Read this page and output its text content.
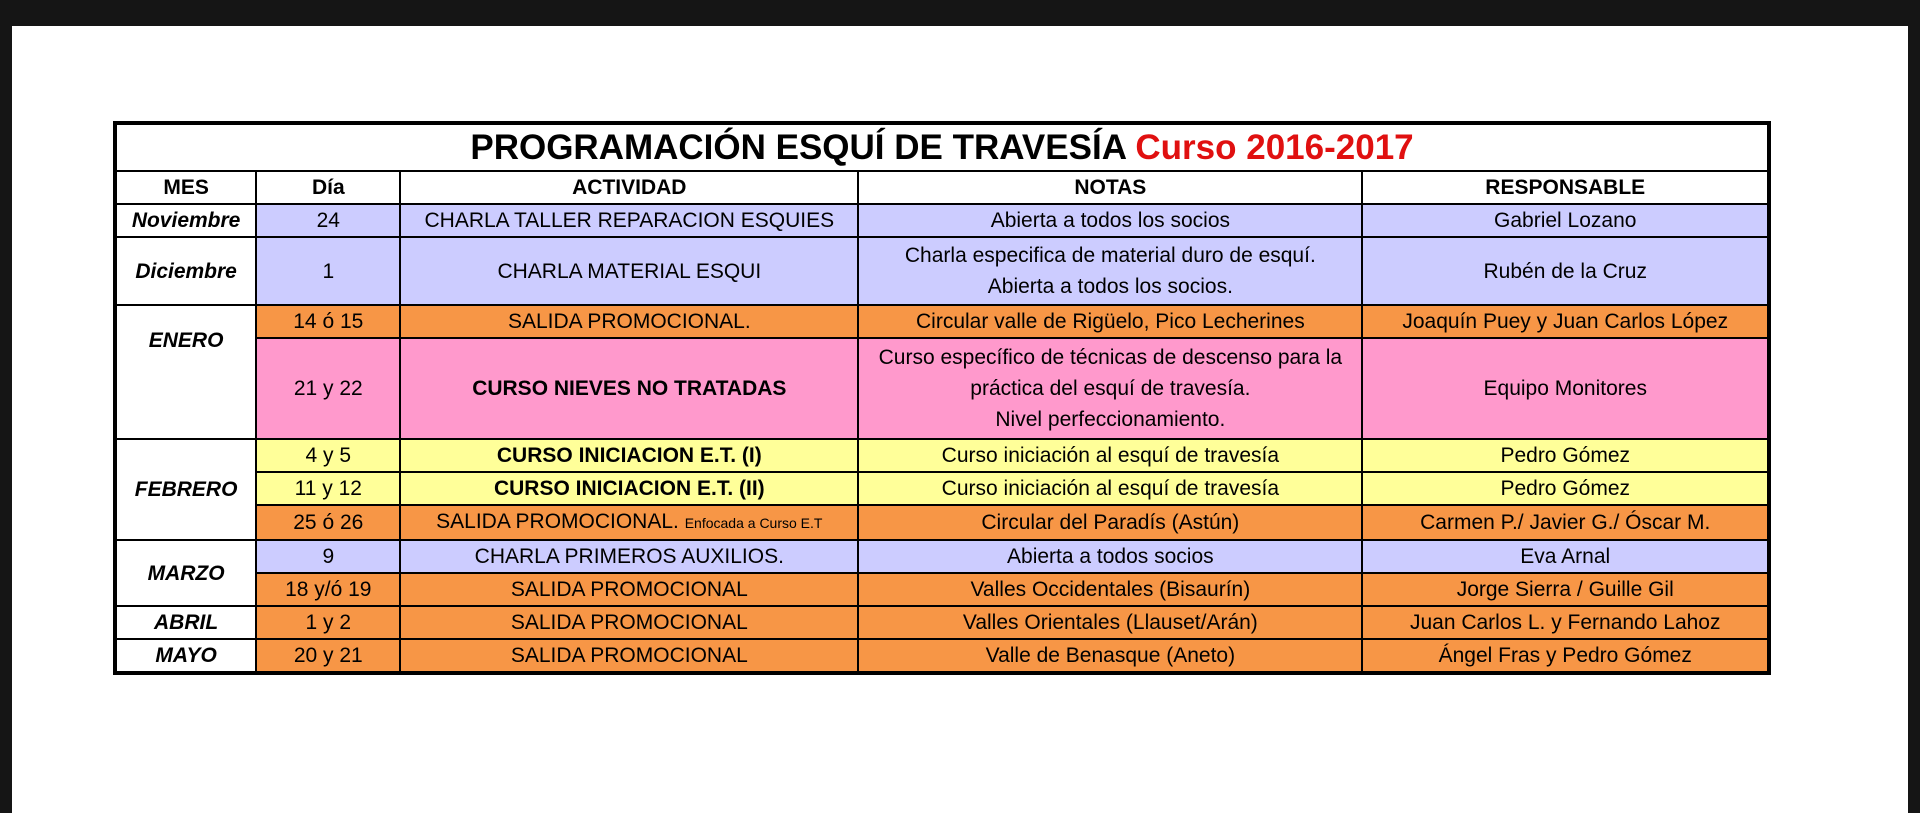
PROGRAMACIÓN ESQUÍ DE TRAVESÍA Curso 2016-2017				
MES	Día	ACTIVIDAD	NOTAS	RESPONSABLE
Noviembre	24	CHARLA TALLER REPARACION ESQUIES	Abierta a todos los socios	Gabriel Lozano
Diciembre	1	CHARLA MATERIAL ESQUI	Charla especifica de material duro de esquí.
Abierta a todos los socios.	Rubén de la Cruz
ENERO	14 ó 15	SALIDA PROMOCIONAL.	Circular valle de Rigüelo, Pico Lecherines	Joaquín Puey y Juan Carlos López
	21 y 22	CURSO NIEVES NO TRATADAS	Curso específico de técnicas de descenso para la
práctica del esquí de travesía.
Nivel perfeccionamiento.	Equipo Monitores
FEBRERO	4 y 5	CURSO INICIACION E.T. (I)	Curso iniciación al esquí de travesía	Pedro Gómez
	11 y 12	CURSO INICIACION E.T. (II)	Curso iniciación al esquí de travesía	Pedro Gómez
	25 ó 26	SALIDA PROMOCIONAL. Enfocada a Curso E.T	Circular del Paradís (Astún)	Carmen P./ Javier G./ Óscar M.
MARZO	9	CHARLA PRIMEROS AUXILIOS.	Abierta a todos socios	Eva Arnal
	18 y/ó 19	SALIDA PROMOCIONAL	Valles Occidentales (Bisaurín)	Jorge Sierra / Guille Gil
ABRIL	1 y 2	SALIDA PROMOCIONAL	Valles Orientales (Llauset/Arán)	Juan Carlos L. y Fernando Lahoz
MAYO	20 y 21	SALIDA PROMOCIONAL	Valle de Benasque (Aneto)	Ángel Fras y Pedro Gómez
